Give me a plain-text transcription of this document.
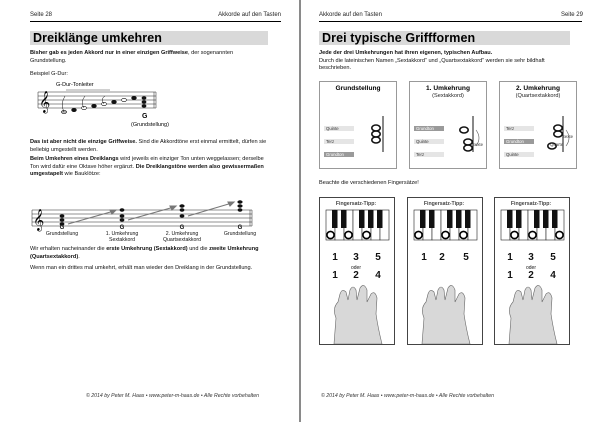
Seite 28	Akkorde auf den Tasten
Dreiklänge umkehren
Bisher gab es jeden Akkord nur in einer einzigen Griffweise, der sogenannten Grundstellung.
Beispiel G-Dur:
𝄞
G-Dur-Tonleiter
G
(Grundstellung)
Das ist aber nicht die einzige Griffweise. Sind die Akkordtöne erst einmal ermittelt, dürfen sie beliebig umgestellt werden.
Beim Umkehren eines Dreiklangs wird jeweils ein einziger Ton unten weggelassen; derselbe Ton wird dafür eine Oktave höher ergänzt. Die Dreiklangstöne werden also gewissermaßen umgestapelt wie Bauklötze:
𝄞	G
Grundstellung
G
1. Umkehrung
Sextakkord
G
2. Umkehrung
Quartsextakkord
G
Grundstellung
Wir erhalten nacheinander die erste Umkehrung (Sextakkord) und die zweite Umkehrung (Quartsextakkord).
Wenn man ein drittes mal umkehrt, erhält man wieder den Dreiklang in der Grundstellung.
© 2014 by Peter M. Haas • www.peter-m-haas.de • Alle Rechte vorbehalten
Akkorde auf den Tasten	Seite 29
Drei typische Griffformen
Jede der drei Umkehrungen hat ihren eigenen, typischen Aufbau.
Durch die lateinischen Namen „Sextakkord“ und „Quartsextakkord“ werden sie sehr bildhaft beschrieben.
Grundstellung
Quinte
Terz
Grundton
1. Umkehrung
(Sextakkord)
Grundton
Quinte
Terz
Sexte
2. Umkehrung
(Quartsextakkord)
Terz
Grundton
Quinte
Sexte
Quarte
Beachte die verschiedenen Fingersätze!
Fingersatz-Tipp:
1	3	5
oder
1	2	4
Fingersatz-Tipp:
1	2	5
Fingersatz-Tipp:
1	3	5
oder
1	2	4
© 2014 by Peter M. Haas • www.peter-m-haas.de • Alle Rechte vorbehalten
